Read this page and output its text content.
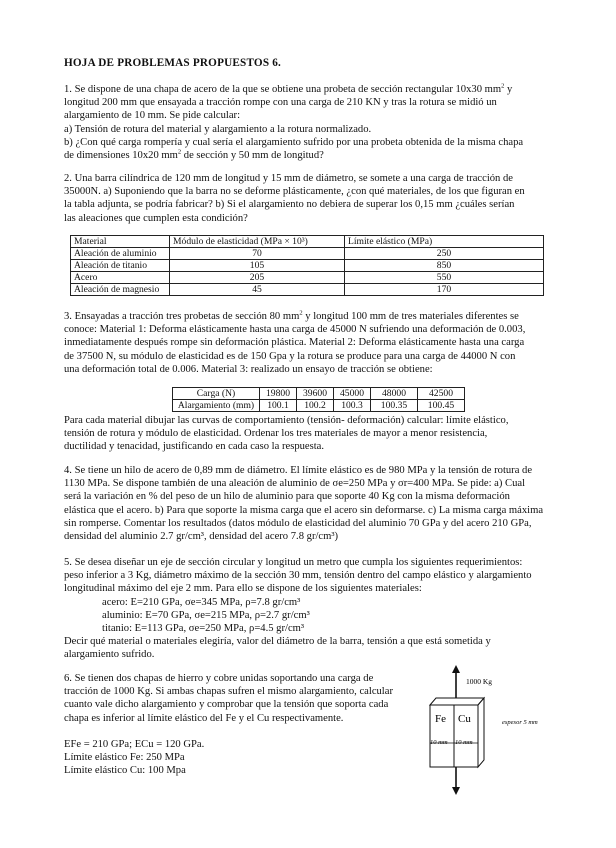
HOJA DE PROBLEMAS PROPUESTOS 6.

1. Se dispone de una chapa de acero de la que se obtiene una probeta de sección rectangular 10x30 $mm^2$ y

longitud 200 mm que ensayada a tracción rompe con una carga de 210 KN y tras la rotura se midió un

alargamiento de 10 mm. Se pide calcular:

a) Tensión de rotura del material y alargamiento a la rotura normalizado.

b) ¿Con qué carga rompería y cual sería el alargamiento sufrido por una probeta obtenida de la misma chapa

de dimensiones 10x20 $mm^2$ de sección y 50 mm de longitud?

2. Una barra cilíndrica de 120 mm de longitud y 15 mm de diámetro, se somete a una carga de tracción de

35000N. a) Suponiendo que la barra no se deforme plásticamente, ¿con qué materiales, de los que figuran en

la tabla adjunta, se podría fabricar? b) Si el alargamiento no debiera de superar los 0,15 mm ¿cuáles serían

las aleaciones que cumplen esta condición?

Material	Módulo de elasticidad (MPa × 10³)	Límite elástico (MPa)
Aleación de aluminio	70	250
Aleación de titanio	105	850
Acero	205	550
Aleación de magnesio	45	170

3. Ensayadas a tracción tres probetas de sección 80 $mm^2$ y longitud 100 mm de tres materiales diferentes se

conoce: Material 1: Deforma elásticamente hasta una carga de 45000 N sufriendo una deformación de 0.003,

inmediatamente después rompe sin deformación plástica. Material 2: Deforma elásticamente hasta una carga

de 37500 N, su módulo de elasticidad es de 150 Gpa y la rotura se produce para una carga de 44000 N con

una deformación total de 0.006. Material 3: realizado un ensayo de tracción se obtiene:

Carga (N)	19800	39600	45000	48000	42500
Alargamiento (mm)	100.1	100.2	100.3	100.35	100.45

Para cada material dibujar las curvas de comportamiento (tensión- deformación) calcular: límite elástico,

tensión de rotura y módulo de elasticidad. Ordenar los tres materiales de mayor a menor resistencia,

ductilidad y tenacidad, justificando en cada caso la respuesta.

4. Se tiene un hilo de acero de 0,89 mm de diámetro. El límite elástico es de 980 MPa y la tensión de rotura de

1130 MPa. Se dispone también de una aleación de aluminio de σe=250 MPa y σr=400 MPa. Se pide: a) Cual

será la variación en % del peso de un hilo de aluminio para que soporte 40 Kg con la misma deformación

elástica que el acero. b) Para que soporte la misma carga que el acero sin deformarse. c) La misma carga máxima

sin romperse. Comentar los resultados (datos módulo de elasticidad del aluminio 70 GPa y del acero 210 GPa,

densidad del aluminio 2.7 gr/cm³, densidad del acero 7.8 gr/cm³)

5. Se desea diseñar un eje de sección circular y longitud un metro que cumpla los siguientes requerimientos:

peso inferior a 3 Kg, diámetro máximo de la sección 30 mm, tensión dentro del campo elástico y alargamiento

longitudinal máximo del eje 2 mm. Para ello se dispone de los siguientes materiales:

acero: E=210 GPa, σe=345 MPa, ρ=7.8 gr/cm³

aluminio: E=70 GPa, σe=215 MPa, ρ=2.7 gr/cm³

titanio: E=113 GPa, σe=250 MPa, ρ=4.5 gr/cm³

Decir qué material o materiales elegiría, valor del diámetro de la barra, tensión a que está sometida y

alargamiento sufrido.

6. Se tienen dos chapas de hierro y cobre unidas soportando una carga de

tracción de 1000 Kg. Si ambas chapas sufren el mismo alargamiento, calcular

cuanto vale dicho alargamiento y comprobar que la tensión que soporta cada

chapa es inferior al límite elástico del Fe y el Cu respectivamente.

EFe = 210 GPa; ECu = 120 GPa.

Límite elástico Fe: 250 MPa

Límite elástico Cu: 100 Mpa

1000 Kg
Fe Cu	espesor 5 mm
10 mm 10 mm
